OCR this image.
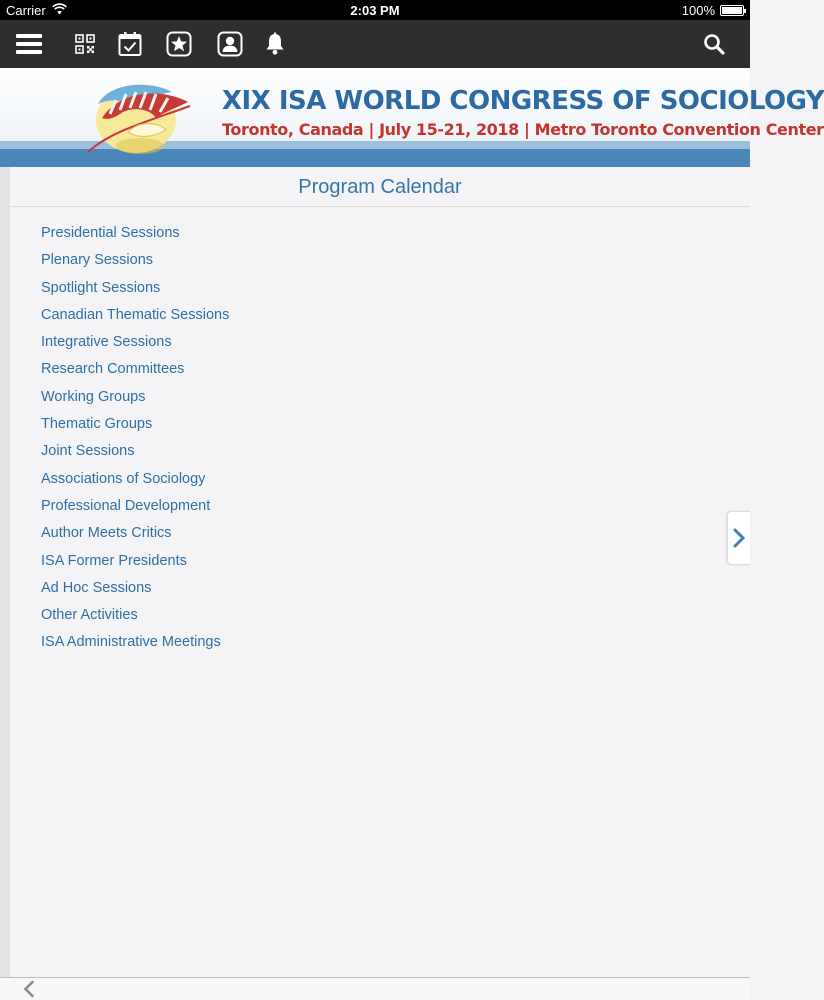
Carrier	2:03 PM	100%
XIX ISA WORLD CONGRESS OF SOCIOLOGY
Toronto, Canada | July 15-21, 2018 | Metro Toronto Convention Center
Program Calendar
Presidential Sessions
Plenary Sessions
Spotlight Sessions
Canadian Thematic Sessions
Integrative Sessions
Research Committees
Working Groups
Thematic Groups
Joint Sessions
Associations of Sociology
Professional Development
Author Meets Critics
ISA Former Presidents
Ad Hoc Sessions
Other Activities
ISA Administrative Meetings
